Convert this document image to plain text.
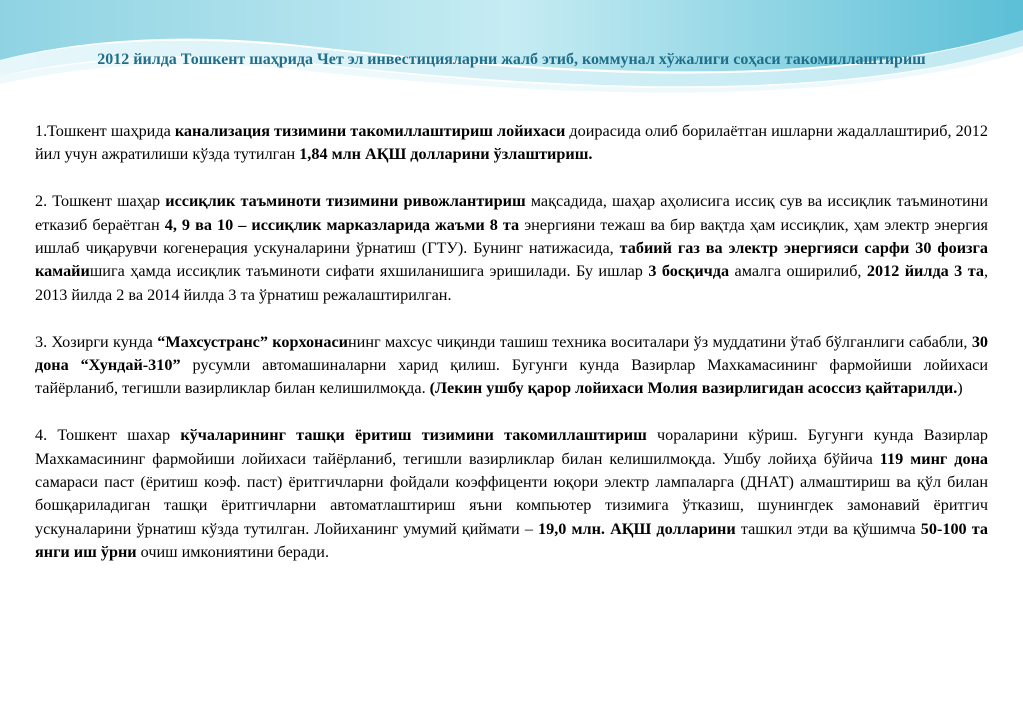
2012 йилда Тошкент шаҳрида Чет эл инвестицияларни жалб этиб, коммунал хўжалиги соҳаси такомиллаштириш

1.Тошкент шаҳрида канализация тизимини такомиллаштириш лойихаси доирасида олиб борилаётган ишларни жадаллаштириб, 2012 йил учун ажратилиши кўзда тутилган 1,84 млн АҚШ долларини ўзлаштириш.

2. Тошкент шаҳар иссиқлик таъминоти тизимини ривожлантириш мақсадида, шаҳар аҳолисига иссиқ сув ва иссиқлик таъминотини етказиб бераётган 4, 9 ва 10 – иссиқлик марказларида жаъми 8 та энергияни тежаш ва бир вақтда ҳам иссиқлик, ҳам электр энергия ишлаб чиқарувчи когенерация ускуналарини ўрнатиш (ГТУ). Бунинг натижасида, табиий газ ва электр энергияси сарфи 30 фоизга камайишига ҳамда иссиқлик таъминоти сифати яхшиланишига эришилади. Бу ишлар 3 босқичда амалга оширилиб, 2012 йилда 3 та, 2013 йилда 2 ва 2014 йилда 3 та ўрнатиш режалаштирилган.

3. Хозирги кунда “Махсустранс” корхонасининг махсус чиқинди ташиш техника воситалари ўз муддатини ўтаб бўлганлиги сабабли, 30 дона “Хундай-310” русумли автомашиналарни харид қилиш. Бугунги кунда Вазирлар Махкамасининг фармойиши лойихаси тайёрланиб, тегишли вазирликлар билан келишилмоқда. (Лекин ушбу қарор лойихаси Молия вазирлигидан асоссиз қайтарилди.)

4. Тошкент шахар кўчаларининг ташқи ёритиш тизимини такомиллаштириш чораларини кўриш. Бугунги кунда Вазирлар Махкамасининг фармойиши лойихаси тайёрланиб, тегишли вазирликлар билан келишилмоқда. Ушбу лойиҳа бўйича 119 минг дона самараси паст (ёритиш коэф. паст) ёритгичларни фойдали коэффиценти юқори электр лампаларга (ДНАТ) алмаштириш ва қўл билан бошқариладиган ташқи ёритгичларни автоматлаштириш яъни компьютер тизимига ўтказиш, шунингдек замонавий ёритгич ускуналарини ўрнатиш кўзда тутилган. Лойиханинг умумий қиймати – 19,0 млн. АҚШ долларини ташкил этди ва қўшимча 50-100 та янги иш ўрни очиш имкониятини беради.
